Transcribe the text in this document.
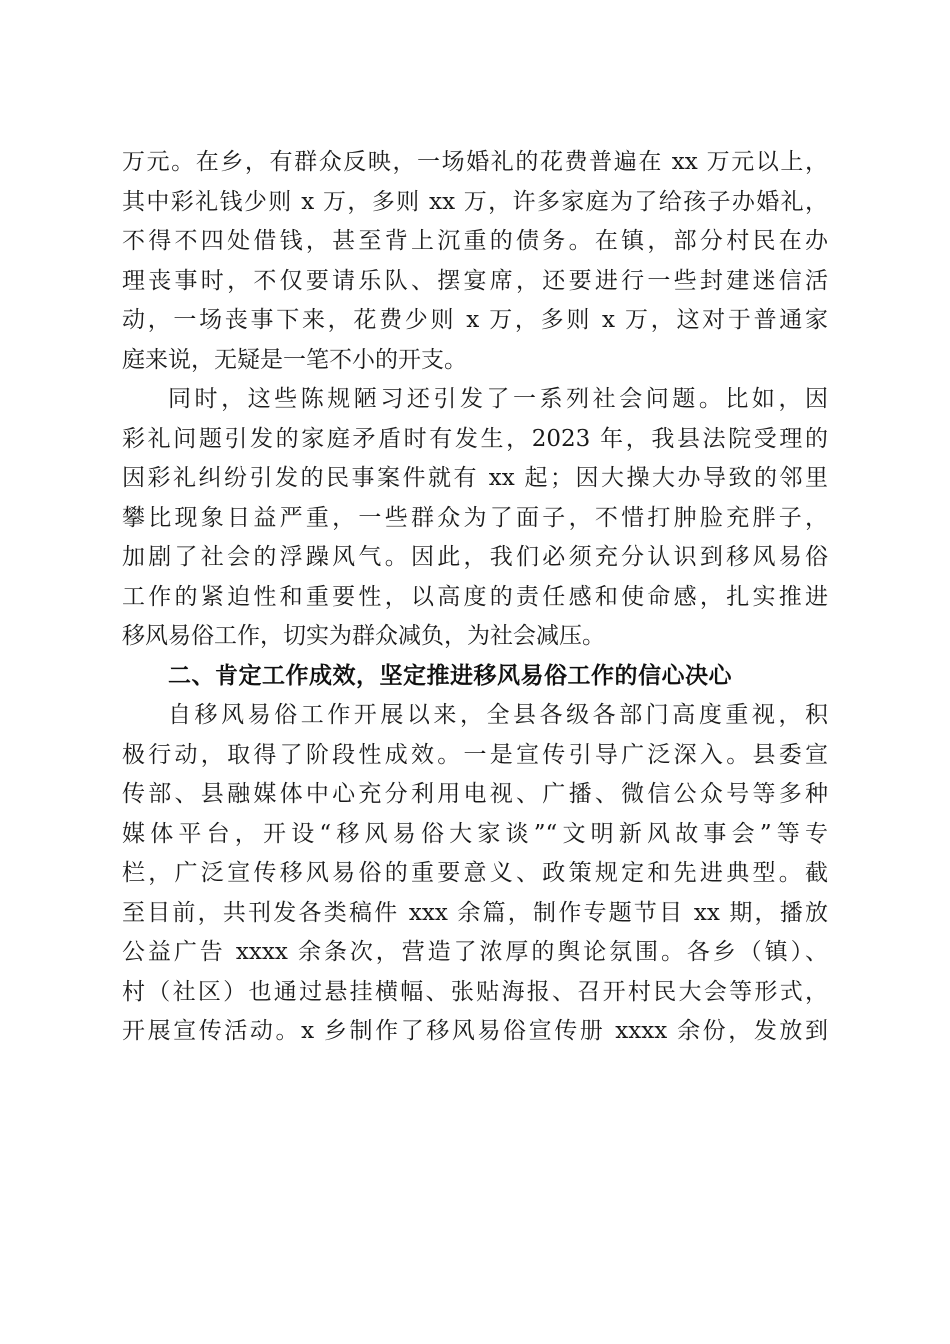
万元。在乡，有群众反映，一场婚礼的花费普遍在 xx 万元以上，
其中彩礼钱少则 x 万，多则 xx 万，许多家庭为了给孩子办婚礼，
不得不四处借钱，甚至背上沉重的债务。在镇，部分村民在办
理丧事时，不仅要请乐队、摆宴席，还要进行一些封建迷信活
动，一场丧事下来，花费少则 x 万，多则 x 万，这对于普通家
庭来说，无疑是一笔不小的开支。
同时，这些陈规陋习还引发了一系列社会问题。比如，因
彩礼问题引发的家庭矛盾时有发生，2023 年，我县法院受理的
因彩礼纠纷引发的民事案件就有 xx 起；因大操大办导致的邻里
攀比现象日益严重，一些群众为了面子，不惜打肿脸充胖子，
加剧了社会的浮躁风气。因此，我们必须充分认识到移风易俗
工作的紧迫性和重要性，以高度的责任感和使命感，扎实推进
移风易俗工作，切实为群众减负，为社会减压。
二、肯定工作成效，坚定推进移风易俗工作的信心决心
自移风易俗工作开展以来，全县各级各部门高度重视，积
极行动，取得了阶段性成效。一是宣传引导广泛深入。县委宣
传部、县融媒体中心充分利用电视、广播、微信公众号等多种
媒体平台，开设“移风易俗大家谈”“文明新风故事会”等专
栏，广泛宣传移风易俗的重要意义、政策规定和先进典型。截
至目前，共刊发各类稿件 xxx 余篇，制作专题节目 xx 期，播放
公益广告 xxxx 余条次，营造了浓厚的舆论氛围。各乡（镇）、
村（社区）也通过悬挂横幅、张贴海报、召开村民大会等形式，
开展宣传活动。x 乡制作了移风易俗宣传册 xxxx 余份，发放到
